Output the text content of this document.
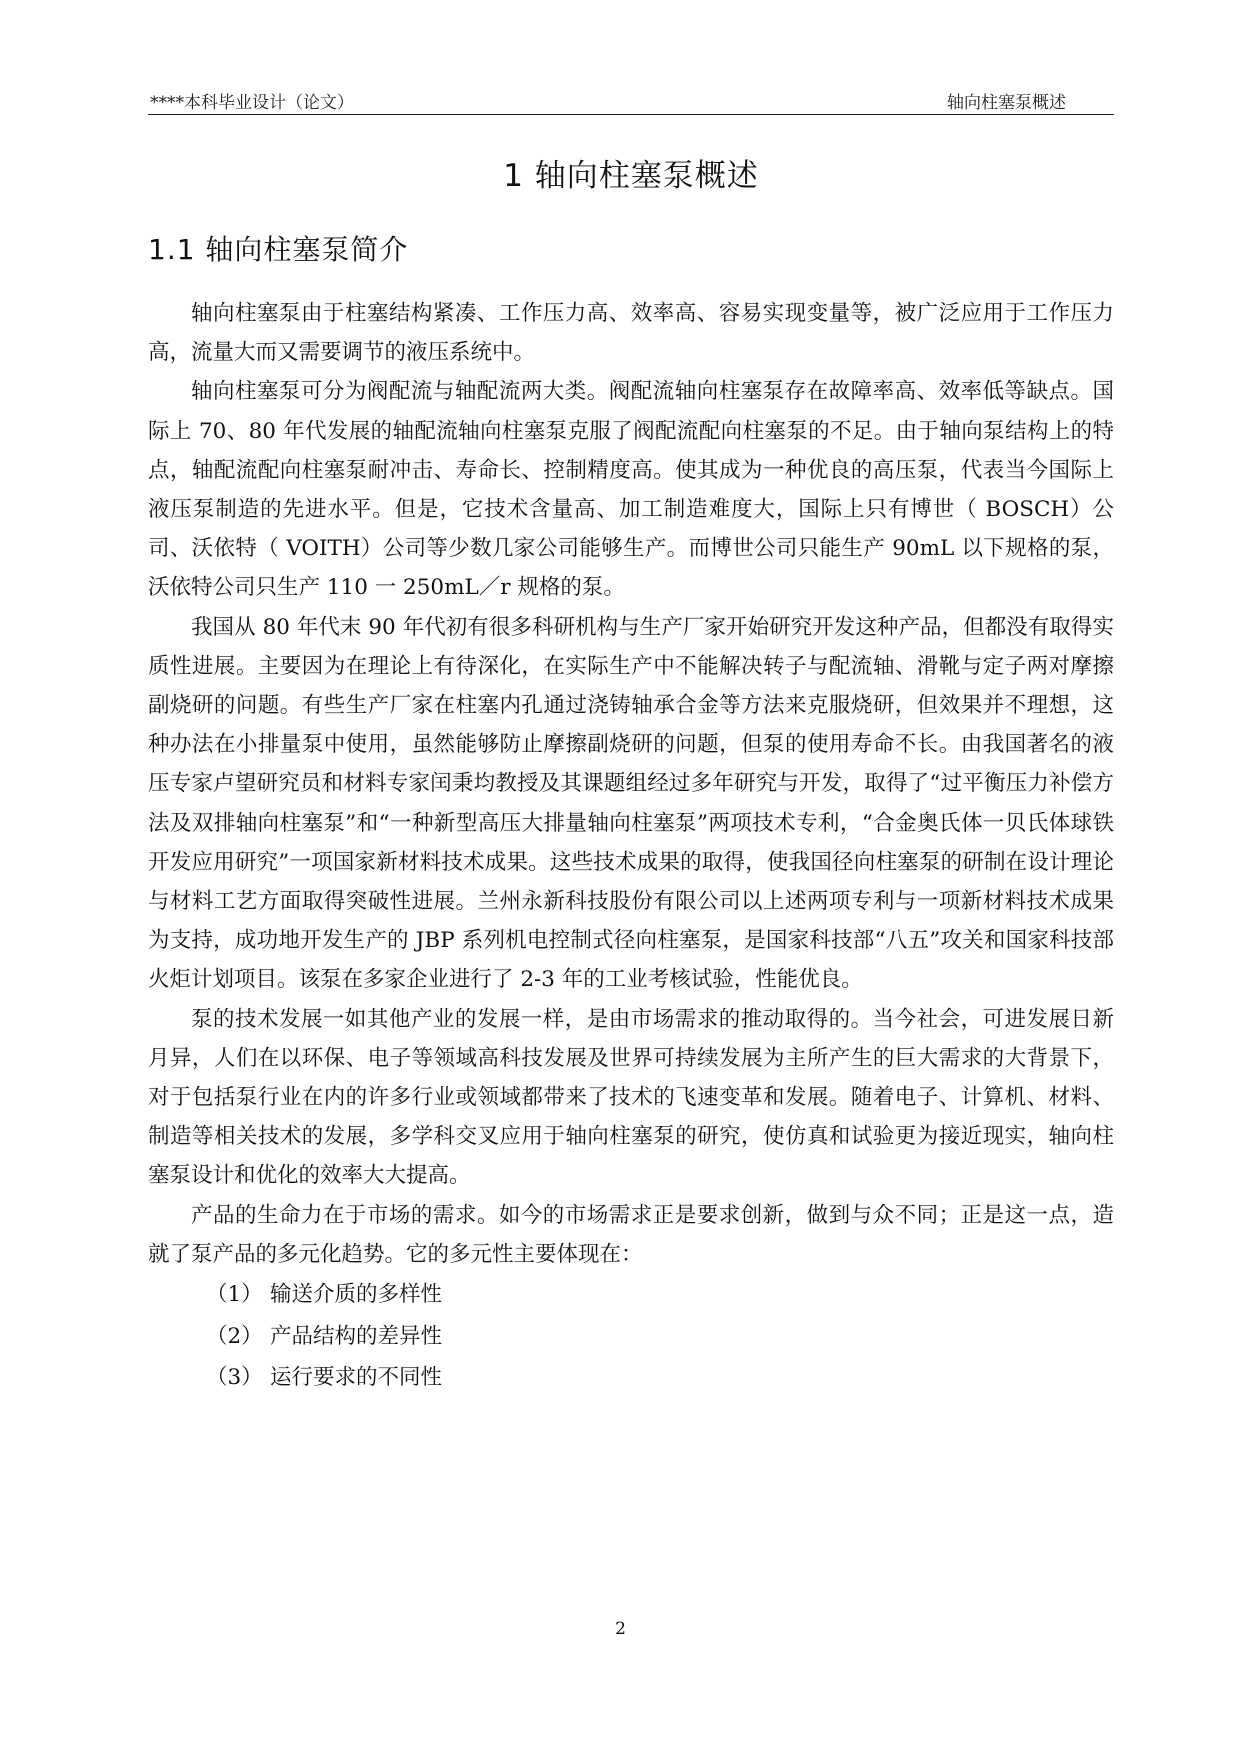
****本科毕业设计（论文）	轴向柱塞泵概述
1 轴向柱塞泵概述
1.1 轴向柱塞泵简介

轴向柱塞泵由于柱塞结构紧凑、工作压力高、效率高、容易实现变量等，被广泛应用于工作压力高，流量大而又需要调节的液压系统中。

轴向柱塞泵可分为阀配流与轴配流两大类。阀配流轴向柱塞泵存在故障率高、效率低等缺点。国际上 70、80 年代发展的轴配流轴向柱塞泵克服了阀配流配向柱塞泵的不足。由于轴向泵结构上的特点，轴配流配向柱塞泵耐冲击、寿命长、控制精度高。使其成为一种优良的高压泵，代表当今国际上液压泵制造的先进水平。但是，它技术含量高、加工制造难度大，国际上只有博世（ BOSCH）公司、沃依特（ VOITH）公司等少数几家公司能够生产。而博世公司只能生产 90mL 以下规格的泵，沃依特公司只生产 110 一 250mL／r 规格的泵。

我国从 80 年代末 90 年代初有很多科研机构与生产厂家开始研究开发这种产品，但都没有取得实质性进展。主要因为在理论上有待深化，在实际生产中不能解决转子与配流轴、滑靴与定子两对摩擦副烧研的问题。有些生产厂家在柱塞内孔通过浇铸轴承合金等方法来克服烧研，但效果并不理想，这种办法在小排量泵中使用，虽然能够防止摩擦副烧研的问题，但泵的使用寿命不长。由我国著名的液压专家卢望研究员和材料专家闰秉均教授及其课题组经过多年研究与开发，取得了“过平衡压力补偿方法及双排轴向柱塞泵”和“一种新型高压大排量轴向柱塞泵”两项技术专利，“合金奥氏体一贝氏体球铁开发应用研究”一项国家新材料技术成果。这些技术成果的取得，使我国径向柱塞泵的研制在设计理论与材料工艺方面取得突破性进展。兰州永新科技股份有限公司以上述两项专利与一项新材料技术成果为支持，成功地开发生产的 JBP 系列机电控制式径向柱塞泵，是国家科技部“八五”攻关和国家科技部火炬计划项目。该泵在多家企业进行了 2-3 年的工业考核试验，性能优良。

泵的技术发展一如其他产业的发展一样，是由市场需求的推动取得的。当今社会，可进发展日新月异，人们在以环保、电子等领域高科技发展及世界可持续发展为主所产生的巨大需求的大背景下，对于包括泵行业在内的许多行业或领域都带来了技术的飞速变革和发展。随着电子、计算机、材料、制造等相关技术的发展，多学科交叉应用于轴向柱塞泵的研究，使仿真和试验更为接近现实，轴向柱塞泵设计和优化的效率大大提高。

产品的生命力在于市场的需求。如今的市场需求正是要求创新，做到与众不同；正是这一点，造就了泵产品的多元化趋势。它的多元性主要体现在：

（1） 输送介质的多样性
（2） 产品结构的差异性
（3） 运行要求的不同性
2
